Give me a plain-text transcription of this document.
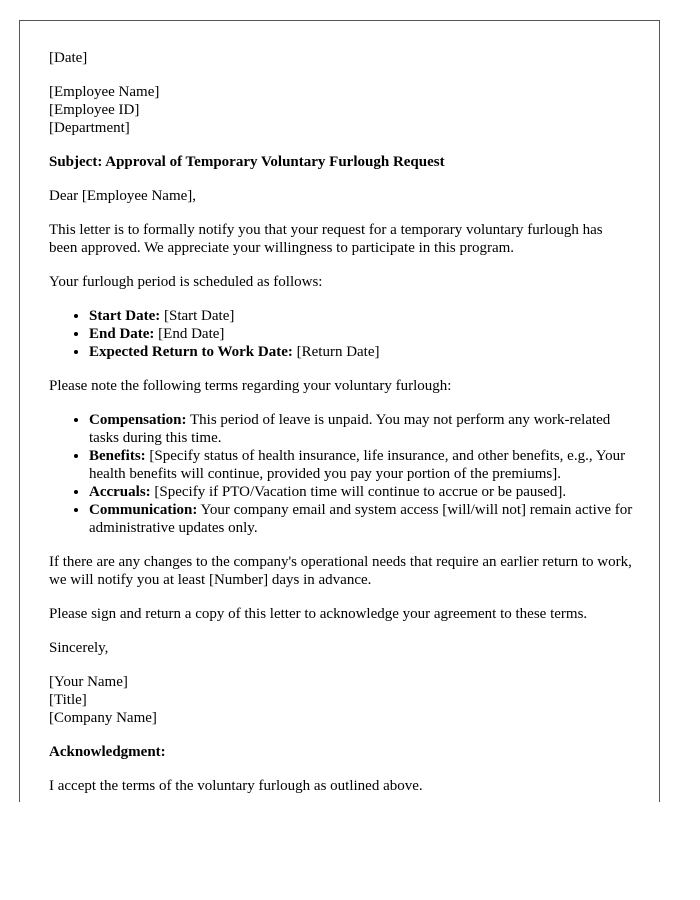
[Date]

[Employee Name]
[Employee ID]
[Department]

Subject: Approval of Temporary Voluntary Furlough Request

Dear [Employee Name],

This letter is to formally notify you that your request for a temporary voluntary furlough has been approved. We appreciate your willingness to participate in this program.

Your furlough period is scheduled as follows:

• Start Date: [Start Date]
• End Date: [End Date]
• Expected Return to Work Date: [Return Date]

Please note the following terms regarding your voluntary furlough:

• Compensation: This period of leave is unpaid. You may not perform any work-related tasks during this time.
• Benefits: [Specify status of health insurance, life insurance, and other benefits, e.g., Your health benefits will continue, provided you pay your portion of the premiums].
• Accruals: [Specify if PTO/Vacation time will continue to accrue or be paused].
• Communication: Your company email and system access [will/will not] remain active for administrative updates only.

If there are any changes to the company's operational needs that require an earlier return to work, we will notify you at least [Number] days in advance.

Please sign and return a copy of this letter to acknowledge your agreement to these terms.

Sincerely,

[Your Name]
[Title]
[Company Name]

Acknowledgment:

I accept the terms of the voluntary furlough as outlined above.
